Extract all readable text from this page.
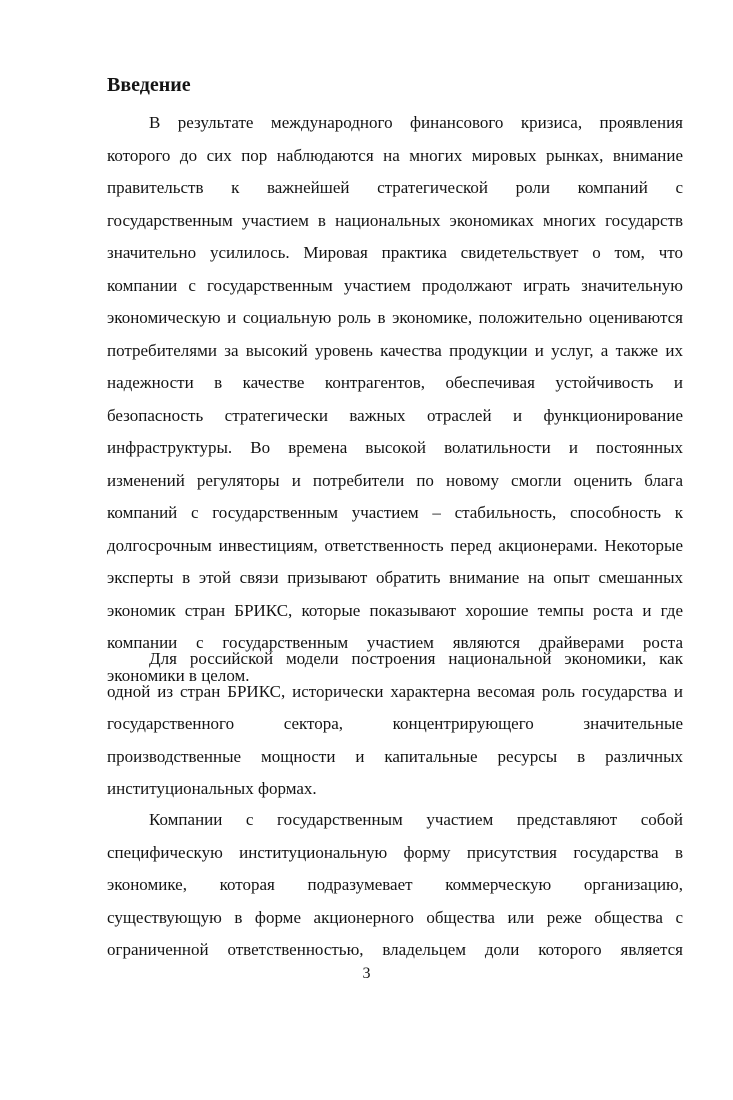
Введение
В результате международного финансового кризиса, проявления
которого до сих пор наблюдаются на многих мировых рынках, внимание
правительств к важнейшей стратегической роли компаний с
государственным участием в национальных экономиках многих государств
значительно усилилось. Мировая практика свидетельствует о том, что
компании с государственным участием продолжают играть значительную
экономическую и социальную роль в экономике, положительно оцениваются
потребителями за высокий уровень качества продукции и услуг, а также их
надежности в качестве контрагентов, обеспечивая устойчивость и
безопасность стратегически важных отраслей и функционирование
инфраструктуры. Во времена высокой волатильности и постоянных
изменений регуляторы и потребители по новому смогли оценить блага
компаний с государственным участием – стабильность, способность к
долгосрочным инвестициям, ответственность перед акционерами. Некоторые
эксперты в этой связи призывают обратить внимание на опыт смешанных
экономик стран БРИКС, которые показывают хорошие темпы роста и где
компании с государственным участием являются драйверами роста
экономики в целом.
Для российской модели построения национальной экономики, как
одной из стран БРИКС, исторически характерна весомая роль государства и
государственного сектора, концентрирующего значительные
производственные мощности и капитальные ресурсы в различных
институциональных формах.
Компании с государственным участием представляют собой
специфическую институциональную форму присутствия государства в
экономике, которая подразумевает коммерческую организацию,
существующую в форме акционерного общества или реже общества с
ограниченной ответственностью, владельцем доли которого является
3
